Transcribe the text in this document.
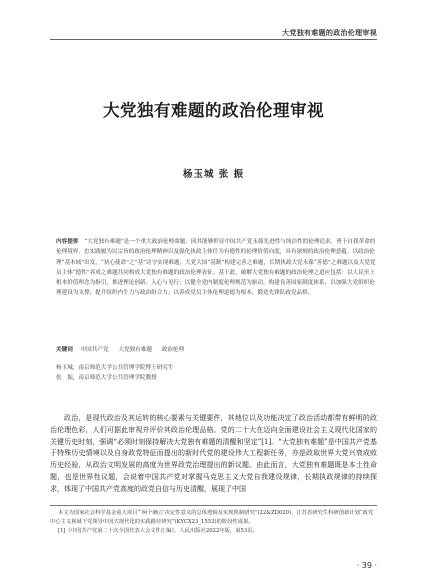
大党独有难题的政治伦理审视
大党独有难题的政治伦理审视
杨玉城 张 振
内容提要 “大党独有难题”是一个重大政治伦理命题，因其能够彰显中国共产党永葆先进性与纯洁性的伦理追求，勇于自我革命的伦理境界，忠实践履为民宗旨的政治伦理精神以及强化执政主体任为有德性的伦理价值向度，具有深刻的政治伦理意蕴。以政治伦理“基本域”出发，“初心使命”之“基”诗守实现难题，大党大国“基制”构建完善之难题，长期执政大党永葆“善德”之难题以及大党党员主体“德性”养成之难题共同构成大党独有难题的政治伦理表征。基于此，破解大党独有难题的政治伦理之道应包括：以人民至上根本价值理念为指引，推进理论创新、入心与见行；以健全党内制度伦理规范为驱动，构建良善国家制度体系；以加强大党组织伦理建设为支撑，提升组织内生力与政治组合力；以养成党员主体伦理道德为根本，锻造先锋队政党品格。
关键词 中国共产党 大党独有难题 政治伦理
杨玉城，南京师范大学公共管理学院博士研究生
张　振，南京师范大学公共管理学院教授
政治，是现代政治及其运转的核心要素与关键要件，其地位以及功能决定了政治活动都带有鲜明的政治伦理色彩，人们可据此审视并评价其政治伦理品格。党的二十大在迈向全面建设社会主义现代化国家的关键历史时刻，强调“必须时刻保持解决大党独有难题的清醒和坚定”[1]。“大党独有难题”是中国共产党基于特殊历史情境以及自身政党特征而提出的新时代党的建设伟大工程新任务，亦是政取世界大党兴衰成败历史经验，从政治文明发展的高度为世界政党治理提出的新议题。由此而言，大党独有难题既是本土性命题，也是世界性议题，会说着中国共产党对掌握马克思主义大党自我建设规律，长期执政规律的持续探求，体现了中国共产党高度的政党自信与历史清醒，展现了中国
本文为国家社会科学基金重大项目“‘两个确立’决定性意义的总体逻辑及实现机制研究”(22&ZD020)、江苏省研究生科研创新计划“政党中心主义视域下党领导中国式现代化的实践路径研究”(KYCX23_1553)的阶段性成果。
[1]《中国共产党第二十次全国代表大会文件汇编》，人民出版社2022年版，第53页。
· 39 ·
